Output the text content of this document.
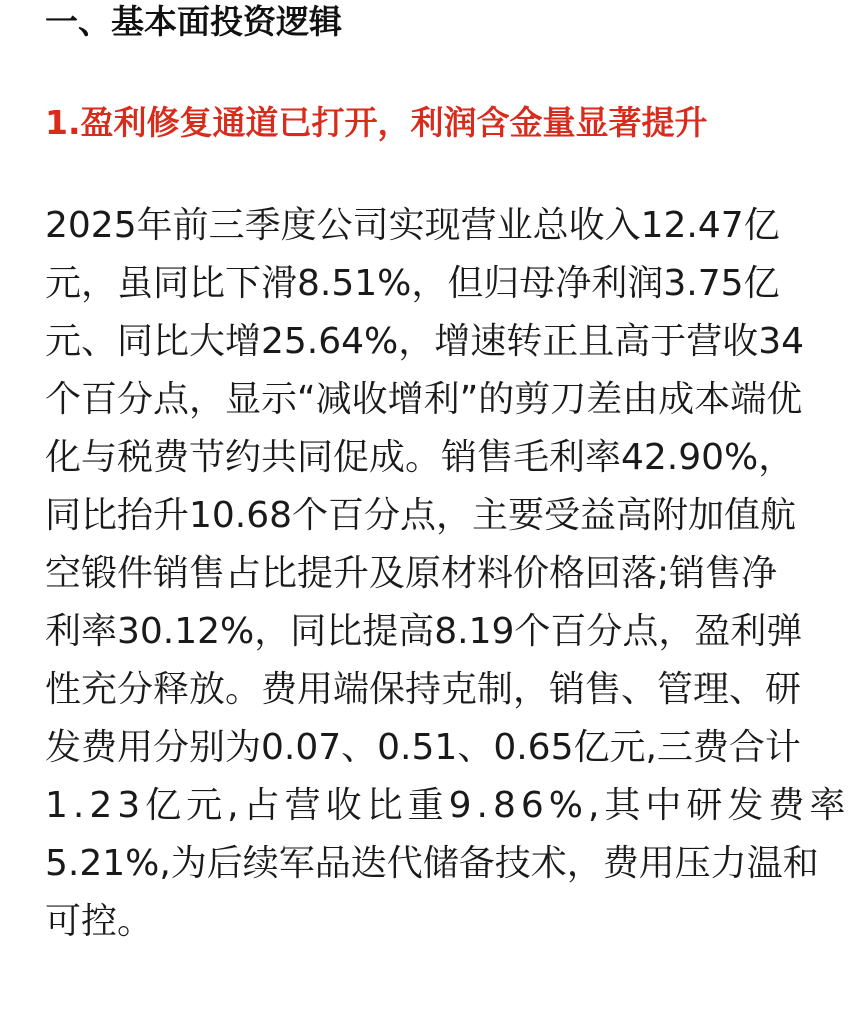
一、基本面投资逻辑
1.盈利修复通道已打开，利润含金量显著提升
2025年前三季度公司实现营业总收入12.47亿
元，虽同比下滑8.51%，但归母净利润3.75亿
元、同比大增25.64%，增速转正且高于营收34
个百分点，显示“减收增利”的剪刀差由成本端优
化与税费节约共同促成。销售毛利率42.90%，
同比抬升10.68个百分点，主要受益高附加值航
空锻件销售占比提升及原材料价格回落;销售净
利率30.12%，同比提高8.19个百分点，盈利弹
性充分释放。费用端保持克制，销售、管理、研
发费用分别为0.07、0.51、0.65亿元,三费合计
1.23亿元,占营收比重9.86%,其中研发费率
5.21%,为后续军品迭代储备技术，费用压力温和
可控。
